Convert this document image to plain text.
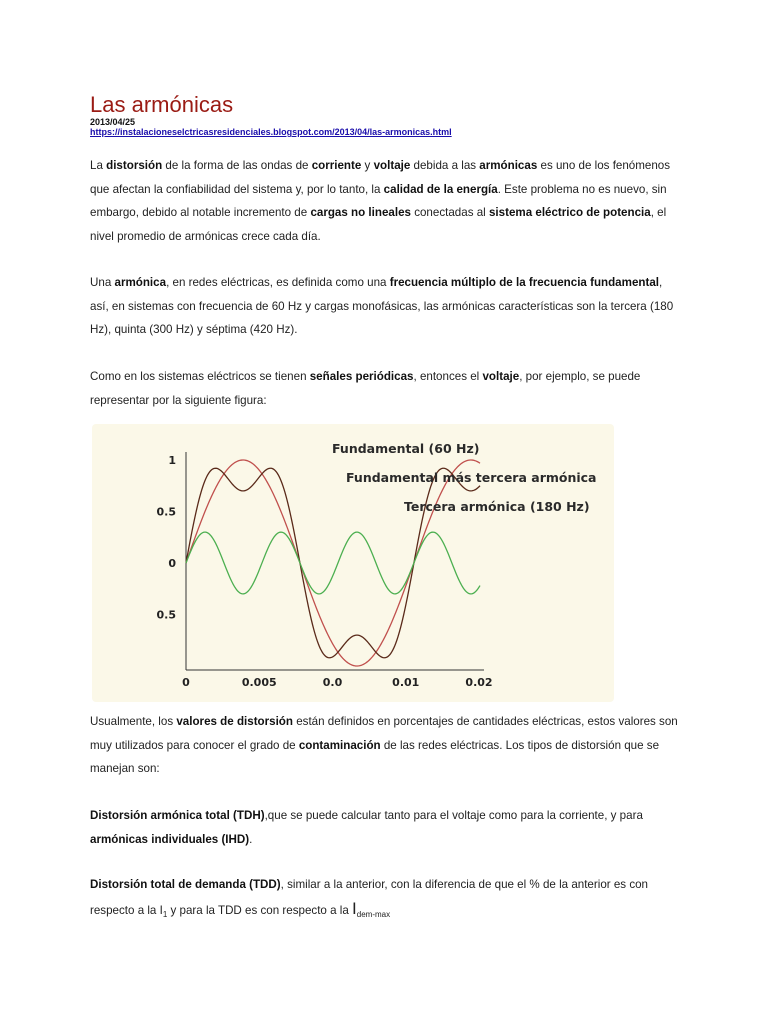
Las armónicas
2013/04/25
https://instalacioneselctricasresidenciales.blogspot.com/2013/04/las-armonicas.html

La distorsión de la forma de las ondas de corriente y voltaje debida a las armónicas es uno de los fenómenos que afectan la confiabilidad del sistema y, por lo tanto, la calidad de la energía. Este problema no es nuevo, sin embargo, debido al notable incremento de cargas no lineales conectadas al sistema eléctrico de potencia, el nivel promedio de armónicas crece cada día.

Una armónica, en redes eléctricas, es definida como una frecuencia múltiplo de la frecuencia fundamental, así, en sistemas con frecuencia de 60 Hz y cargas monofásicas, las armónicas características son la tercera (180 Hz), quinta (300 Hz) y séptima (420 Hz).

Como en los sistemas eléctricos se tienen señales periódicas, entonces el voltaje, por ejemplo, se puede representar por la siguiente figura:

1
0.5
0
0.5
0	0.005	0.0	0.01	0.02
Fundamental (60 Hz)
Fundamental más tercera armónica
Tercera armónica (180 Hz)

Usualmente, los valores de distorsión están definidos en porcentajes de cantidades eléctricas, estos valores son muy utilizados para conocer el grado de contaminación de las redes eléctricas. Los tipos de distorsión que se manejan son:

Distorsión armónica total (TDH),que se puede calcular tanto para el voltaje como para la corriente, y para armónicas individuales (IHD).

Distorsión total de demanda (TDD), similar a la anterior, con la diferencia de que el % de la anterior es con respecto a la $I_1$ y para la TDD es con respecto a la $I_{dem-max}$
